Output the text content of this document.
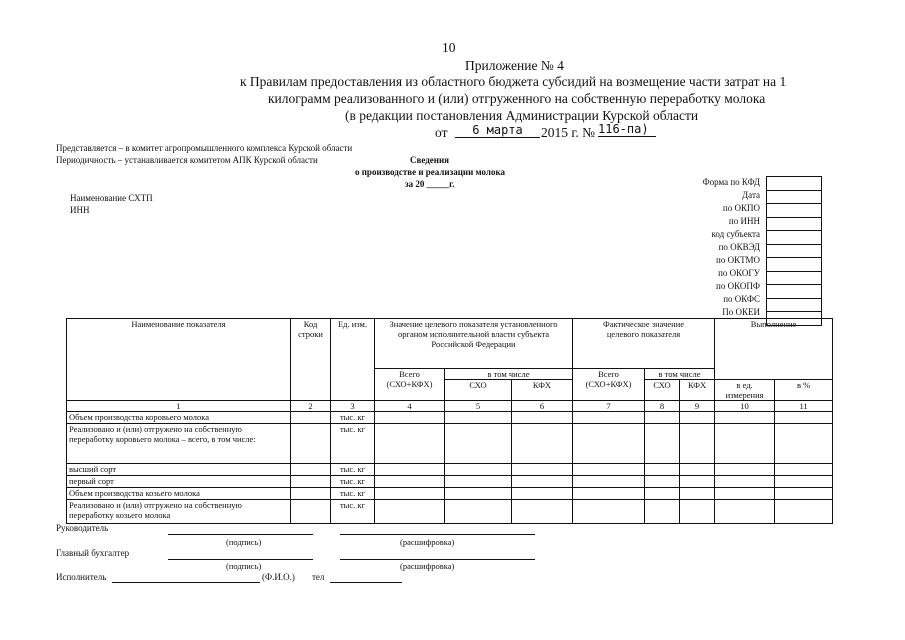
10
Приложение № 4
к Правилам предоставления из областного бюджета субсидий на возмещение части затрат на 1
килограмм реализованного и (или) отгруженного на собственную переработку молока
(в редакции постановления Администрации Курской области
от	6 марта	2015 г. № 116-па)
Представляется – в комитет агропромышленного комплекса Курской области
Периодичность – устанавливается комитетом АПК Курской области	Сведения
о производстве и реализации молока
за 20 _____г.
Наименование СХТП
ИНН
Форма по КФД
Дата
по ОКПО
по ИНН
код субъекта
по ОКВЭД
по ОКТМО
по ОКОГУ
по ОКОПФ
по ОКФС
По ОКЕИ

Наименование показателя	Код строки	Ед. изм.	Значение целевого показателя установленного органом исполнительной власти субъекта Российской Федерации			Фактическое значение целевого показателя			Выполнение	
			Всего (СХО+КФХ)	в том числе		Всего (СХО+КФХ)	в том числе			
				СХО	КФХ		СХО	КФХ	в ед. измерения	в %
1	2	3	4	5	6	7	8	9	10	11
Объем производства коровьего молока		тыс. кг								
Реализовано и (или) отгружено на собственную переработку коровьего молока – всего, в том числе:		тыс. кг								
высший сорт		тыс. кг								
первый сорт		тыс. кг								
Объем производства козьего молока		тыс. кг								
Реализовано и (или) отгружено на собственную переработку козьего молока		тыс. кг								
Руководитель
(подпись)	(расшифровка)
Главный бухгалтер
(подпись)	(расшифровка)
Исполнитель	(Ф.И.О.) тел
